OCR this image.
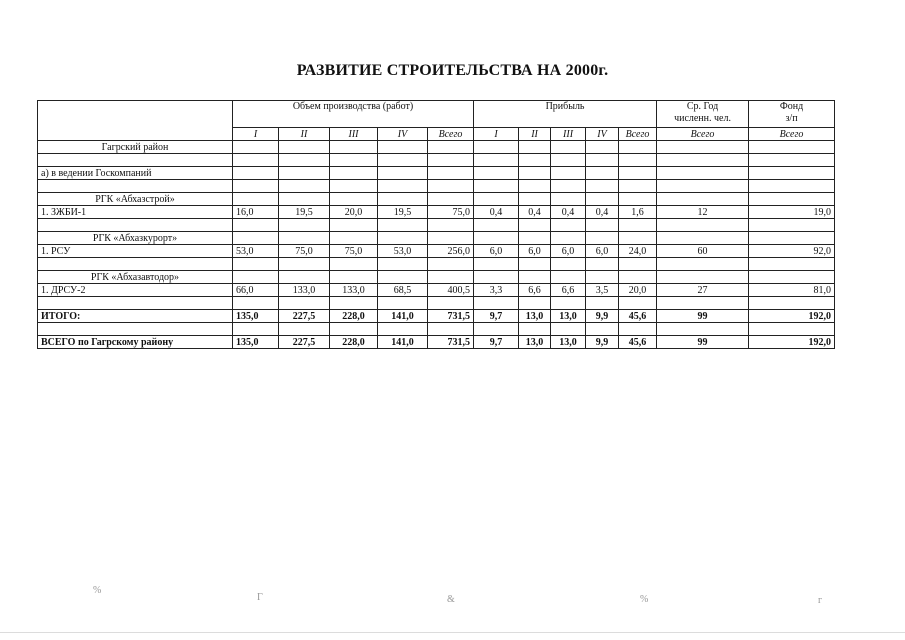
РАЗВИТИЕ СТРОИТЕЛЬСТВА НА 2000г.
	Объем производства (работ)					Прибыль					Ср. Год
численн. чел.	Фонд
з/п
	I	II	III	IV	Всего	I	II	III	IV	Всего	Всего	Всего
Гагрский район												

а) в ведении Госкомпаний												

РГК «Абхазстрой»												
1. ЗЖБИ-1	16,0	19,5	20,0	19,5	75,0	0,4	0,4	0,4	0,4	1,6	12	19,0

РГК «Абхазкурорт»												
1. РСУ	53,0	75,0	75,0	53,0	256,0	6,0	6,0	6,0	6,0	24,0	60	92,0

РГК «Абхазавтодор»												
1. ДРСУ-2	66,0	133,0	133,0	68,5	400,5	3,3	6,6	6,6	3,5	20,0	27	81,0

ИТОГО:	135,0	227,5	228,0	141,0	731,5	9,7	13,0	13,0	9,9	45,6	99	192,0

ВСЕГО по Гагрскому району	135,0	227,5	228,0	141,0	731,5	9,7	13,0	13,0	9,9	45,6	99	192,0
%
Г	&	%	г
